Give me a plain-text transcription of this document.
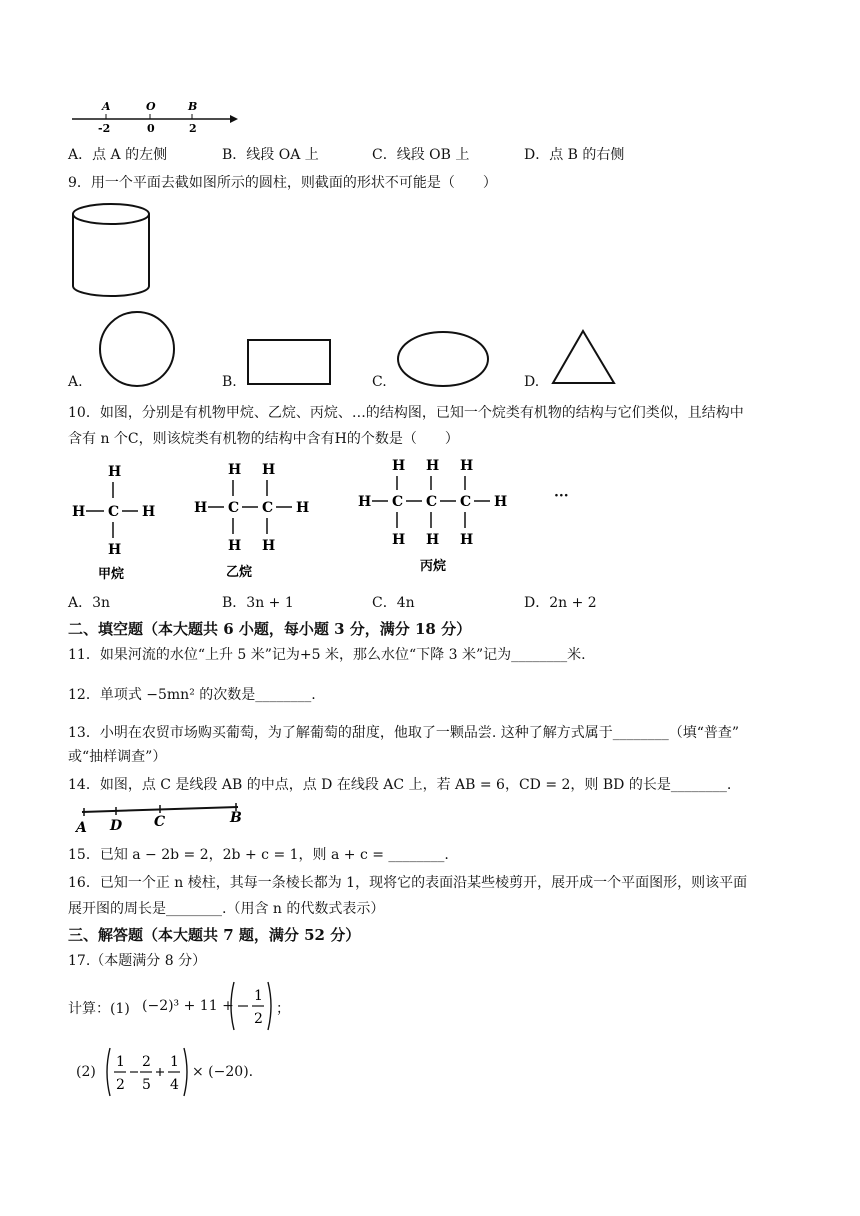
A	O	B
-2	0	2
A．点 A 的左侧	B．线段 OA 上	C．线段 OB 上	D．点 B 的右侧
9．用一个平面去截如图所示的圆柱，则截面的形状不可能是（　　）
A.	B.	C.	D.
10．如图，分别是有机物甲烷、乙烷、丙烷、…的结构图，已知一个烷类有机物的结构与它们类似，且结构中
含有 n 个C，则该烷类有机物的结构中含有H的个数是（　　）
H
H C H
H
甲烷
H H
H C C H
H H
乙烷
H H H
H C C C H
H H H
丙烷
···
A．3n	B．3n + 1	C．4n	D．2n + 2
二、填空题（本大题共 6 小题，每小题 3 分，满分 18 分）
11．如果河流的水位“上升 5 米”记为+5 米，那么水位“下降 3 米”记为________米.
12．单项式 −5mn² 的次数是________.
13．小明在农贸市场购买葡萄，为了解葡萄的甜度，他取了一颗品尝. 这种了解方式属于________（填“普查”
或“抽样调查”）
14．如图，点 C 是线段 AB 的中点，点 D 在线段 AC 上，若 AB = 6，CD = 2，则 BD 的长是________.
A D C	B
15．已知 a − 2b = 2，2b + c = 1，则 a + c = ________.
16．已知一个正 n 棱柱，其每一条棱长都为 1，现将它的表面沿某些棱剪开，展开成一个平面图形，则该平面
展开图的周长是________.（用含 n 的代数式表示）
三、解答题（本大题共 7 题，满分 52 分）
17.（本题满分 8 分）
计算：(1) (−2)³ + 11 +
1
2
；
(2)
1
2
2
5
1
4
× (−20).
